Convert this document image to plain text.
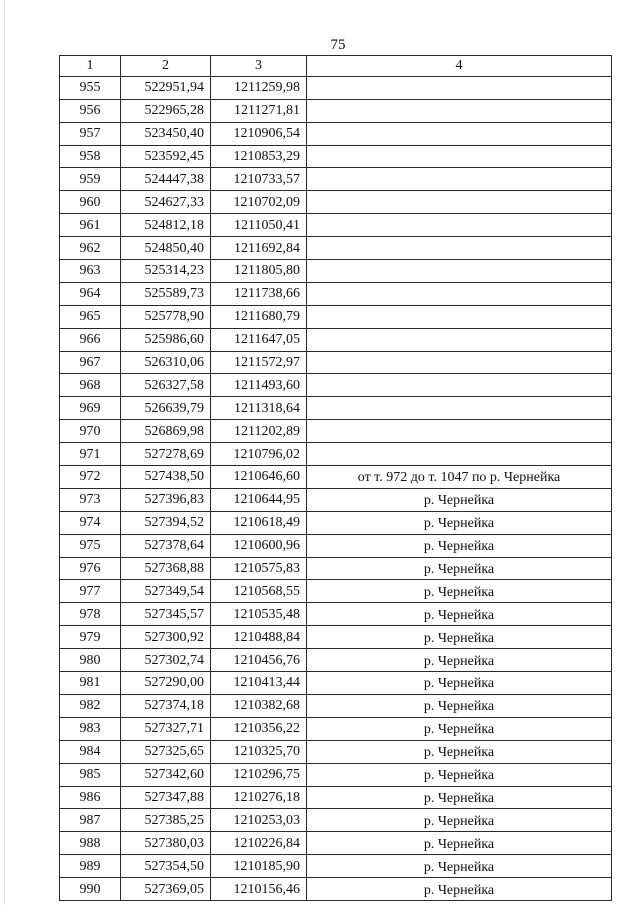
75
1	2	3	4
955	522951,94	1211259,98	
956	522965,28	1211271,81	
957	523450,40	1210906,54	
958	523592,45	1210853,29	
959	524447,38	1210733,57	
960	524627,33	1210702,09	
961	524812,18	1211050,41	
962	524850,40	1211692,84	
963	525314,23	1211805,80	
964	525589,73	1211738,66	
965	525778,90	1211680,79	
966	525986,60	1211647,05	
967	526310,06	1211572,97	
968	526327,58	1211493,60	
969	526639,79	1211318,64	
970	526869,98	1211202,89	
971	527278,69	1210796,02	
972	527438,50	1210646,60	от т. 972 до т. 1047 по р. Чернейка
973	527396,83	1210644,95	р. Чернейка
974	527394,52	1210618,49	р. Чернейка
975	527378,64	1210600,96	р. Чернейка
976	527368,88	1210575,83	р. Чернейка
977	527349,54	1210568,55	р. Чернейка
978	527345,57	1210535,48	р. Чернейка
979	527300,92	1210488,84	р. Чернейка
980	527302,74	1210456,76	р. Чернейка
981	527290,00	1210413,44	р. Чернейка
982	527374,18	1210382,68	р. Чернейка
983	527327,71	1210356,22	р. Чернейка
984	527325,65	1210325,70	р. Чернейка
985	527342,60	1210296,75	р. Чернейка
986	527347,88	1210276,18	р. Чернейка
987	527385,25	1210253,03	р. Чернейка
988	527380,03	1210226,84	р. Чернейка
989	527354,50	1210185,90	р. Чернейка
990	527369,05	1210156,46	р. Чернейка
